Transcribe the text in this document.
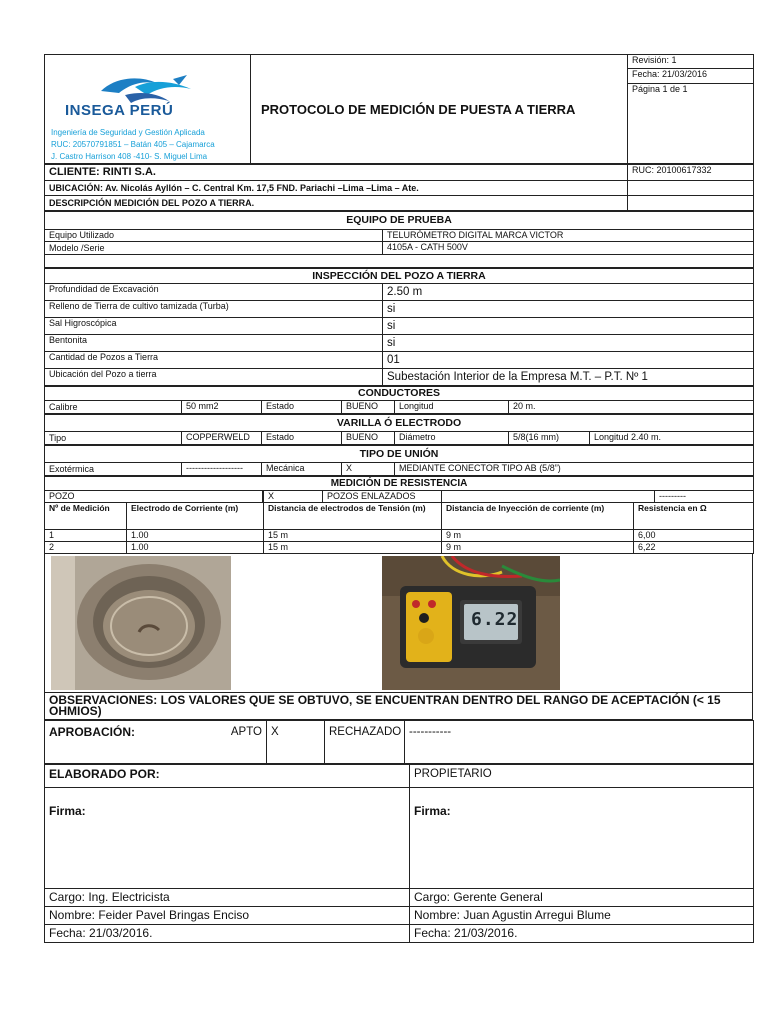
INSEGA PERÚ
Ingeniería de Seguridad y Gestión Aplicada
RUC: 20570791851 – Batán 405 – Cajamarca
J. Castro Harrison 408 -410- S. Miguel Lima
	PROTOCOLO DE MEDICIÓN DE PUESTA A TIERRA	Revisión: 1
Fecha: 21/03/2016
Página 1 de 1
CLIENTE: RINTI S.A.	RUC: 20100617332
UBICACIÓN: Av. Nicolás Ayllón – C. Central Km. 17,5 FND. Pariachi –Lima –Lima – Ate.	
DESCRIPCIÓN MEDICIÓN DEL POZO A TIERRA.	
EQUIPO DE PRUEBA	
Equipo Utilizado	TELURÓMETRO DIGITAL MARCA VICTOR
Modelo /Serie	4105A - CATH 500V

INSPECCIÓN DEL POZO A TIERRA	
Profundidad de Excavación	2.50 m
Relleno de Tierra de cultivo tamizada (Turba)	si
Sal Higroscópica	si
Bentonita	si
Cantidad de Pozos a Tierra	01
Ubicación del Pozo a tierra	Subestación Interior de la Empresa M.T. – P.T. Nº 1
CONDUCTORES
Calibre	50 mm2	Estado	BUENO	Longitud	20 m.
VARILLA Ó ELECTRODO
Tipo	COPPERWELD	Estado	BUENO	Diámetro	5/8(16 mm)	Longitud 2.40 m.
TIPO DE UNIÓN
Exotérmica	-------------------	Mecánica	X	MEDIANTE CONECTOR TIPO AB (5/8”)
MEDICIÓN DE RESISTENCIA				

POZO		X POZOS ENLAZADOS	---------	

Nº de Medición	Electrodo de Corriente (m)	Distancia de electrodos de Tensión (m)	Distancia de Inyección de corriente (m)	Resistencia en Ω
1	1.00	15 m	9 m	6,00
2	1.00	15 m	9 m	6,22
6.22
OBSERVACIONES: LOS VALORES QUE SE OBTUVO, SE ENCUENTRAN DENTRO DEL RANGO DE ACEPTACIÓN (< 15 OHMIOS)
APROBACIÓN:	APTO	X	RECHAZADO	-----------
ELABORADO POR:	PROPIETARIO
Firma:	Firma:
Cargo: Ing. Electricista	Cargo: Gerente General
Nombre: Feider Pavel Bringas Enciso	Nombre: Juan Agustin Arregui Blume
Fecha: 21/03/2016.	Fecha: 21/03/2016.
